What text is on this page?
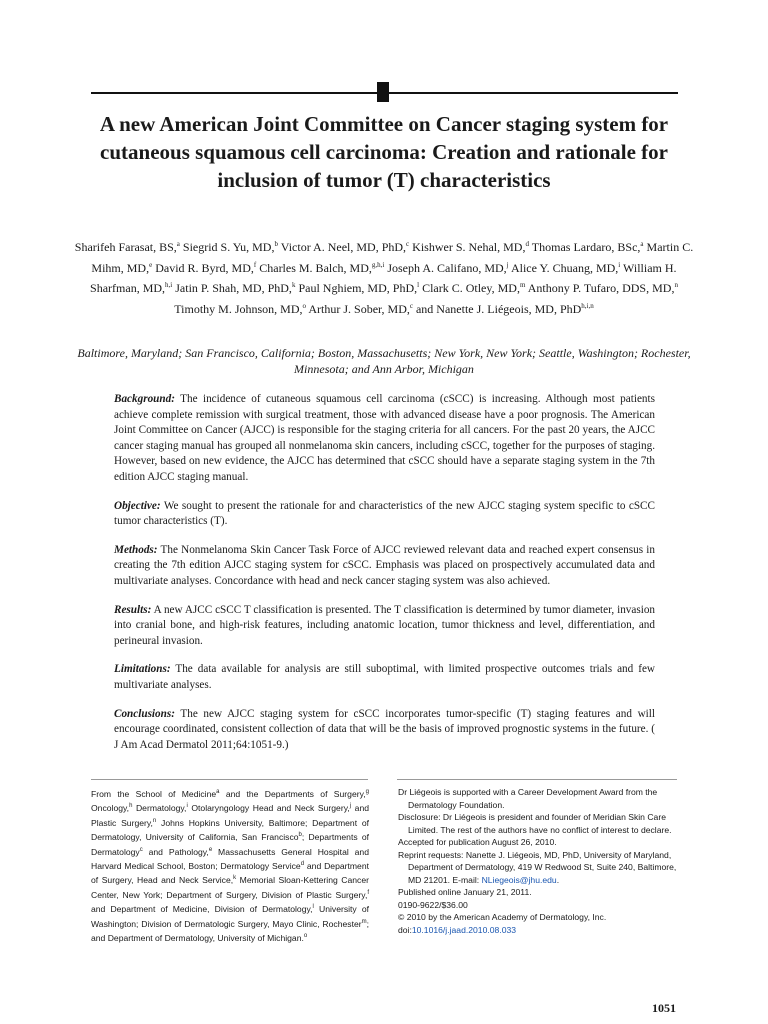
A new American Joint Committee on Cancer staging system for cutaneous squamous cell carcinoma: Creation and rationale for inclusion of tumor (T) characteristics
Sharifeh Farasat, BS,$^a$ Siegrid S. Yu, MD,$^b$ Victor A. Neel, MD, PhD,$^c$ Kishwer S. Nehal, MD,$^d$ Thomas Lardaro, BSc,$^a$ Martin C. Mihm, MD,$^e$ David R. Byrd, MD,$^f$ Charles M. Balch, MD,$^{g,h,i}$ Joseph A. Califano, MD,$^j$ Alice Y. Chuang, MD,$^i$ William H. Sharfman, MD,$^{h,i}$ Jatin P. Shah, MD, PhD,$^k$ Paul Nghiem, MD, PhD,$^l$ Clark C. Otley, MD,$^m$ Anthony P. Tufaro, DDS, MD,$^n$ Timothy M. Johnson, MD,$^o$ Arthur J. Sober, MD,$^c$ and Nanette J. Liégeois, MD, PhD$^{h,i,n}$
Baltimore, Maryland; San Francisco, California; Boston, Massachusetts; New York, New York; Seattle, Washington; Rochester, Minnesota; and Ann Arbor, Michigan

Background: The incidence of cutaneous squamous cell carcinoma (cSCC) is increasing. Although most patients achieve complete remission with surgical treatment, those with advanced disease have a poor prognosis. The American Joint Committee on Cancer (AJCC) is responsible for the staging criteria for all cancers. For the past 20 years, the AJCC cancer staging manual has grouped all nonmelanoma skin cancers, including cSCC, together for the purposes of staging. However, based on new evidence, the AJCC has determined that cSCC should have a separate staging system in the 7th edition AJCC staging manual.

Objective: We sought to present the rationale for and characteristics of the new AJCC staging system specific to cSCC tumor characteristics (T).

Methods: The Nonmelanoma Skin Cancer Task Force of AJCC reviewed relevant data and reached expert consensus in creating the 7th edition AJCC staging system for cSCC. Emphasis was placed on prospectively accumulated data and multivariate analyses. Concordance with head and neck cancer staging system was also achieved.

Results: A new AJCC cSCC T classification is presented. The T classification is determined by tumor diameter, invasion into cranial bone, and high-risk features, including anatomic location, tumor thickness and level, differentiation, and perineural invasion.

Limitations: The data available for analysis are still suboptimal, with limited prospective outcomes trials and few multivariate analyses.

Conclusions: The new AJCC staging system for cSCC incorporates tumor-specific (T) staging features and will encourage coordinated, consistent collection of data that will be the basis of improved prognostic systems in the future. ( J Am Acad Dermatol 2011;64:1051-9.)

From the School of Medicine$^a$ and the Departments of Surgery,$^g$ Oncology,$^h$ Dermatology,$^i$ Otolaryngology Head and Neck Surgery,$^j$ and Plastic Surgery,$^n$ Johns Hopkins University, Baltimore; Department of Dermatology, University of California, San Francisco$^b$; Departments of Dermatology$^c$ and Pathology,$^e$ Massachusetts General Hospital and Harvard Medical School, Boston; Dermatology Service$^d$ and Department of Surgery, Head and Neck Service,$^k$ Memorial Sloan-Kettering Cancer Center, New York; Department of Surgery, Division of Plastic Surgery,$^f$ and Department of Medicine, Division of Dermatology,$^l$ University of Washington; Division of Dermatologic Surgery, Mayo Clinic, Rochester$^m$; and Department of Dermatology, University of Michigan.$^o$
Dr Liégeois is supported with a Career Development Award from the Dermatology Foundation.
Disclosure: Dr Liégeois is president and founder of Meridian Skin Care Limited. The rest of the authors have no conflict of interest to declare.
Accepted for publication August 26, 2010.
Reprint requests: Nanette J. Liégeois, MD, PhD, University of Maryland, Department of Dermatology, 419 W Redwood St, Suite 240, Baltimore, MD 21201. E-mail: NLiegeois@jhu.edu.
Published online January 21, 2011.
0190-9622/$36.00
© 2010 by the American Academy of Dermatology, Inc.
doi:10.1016/j.jaad.2010.08.033
1051
